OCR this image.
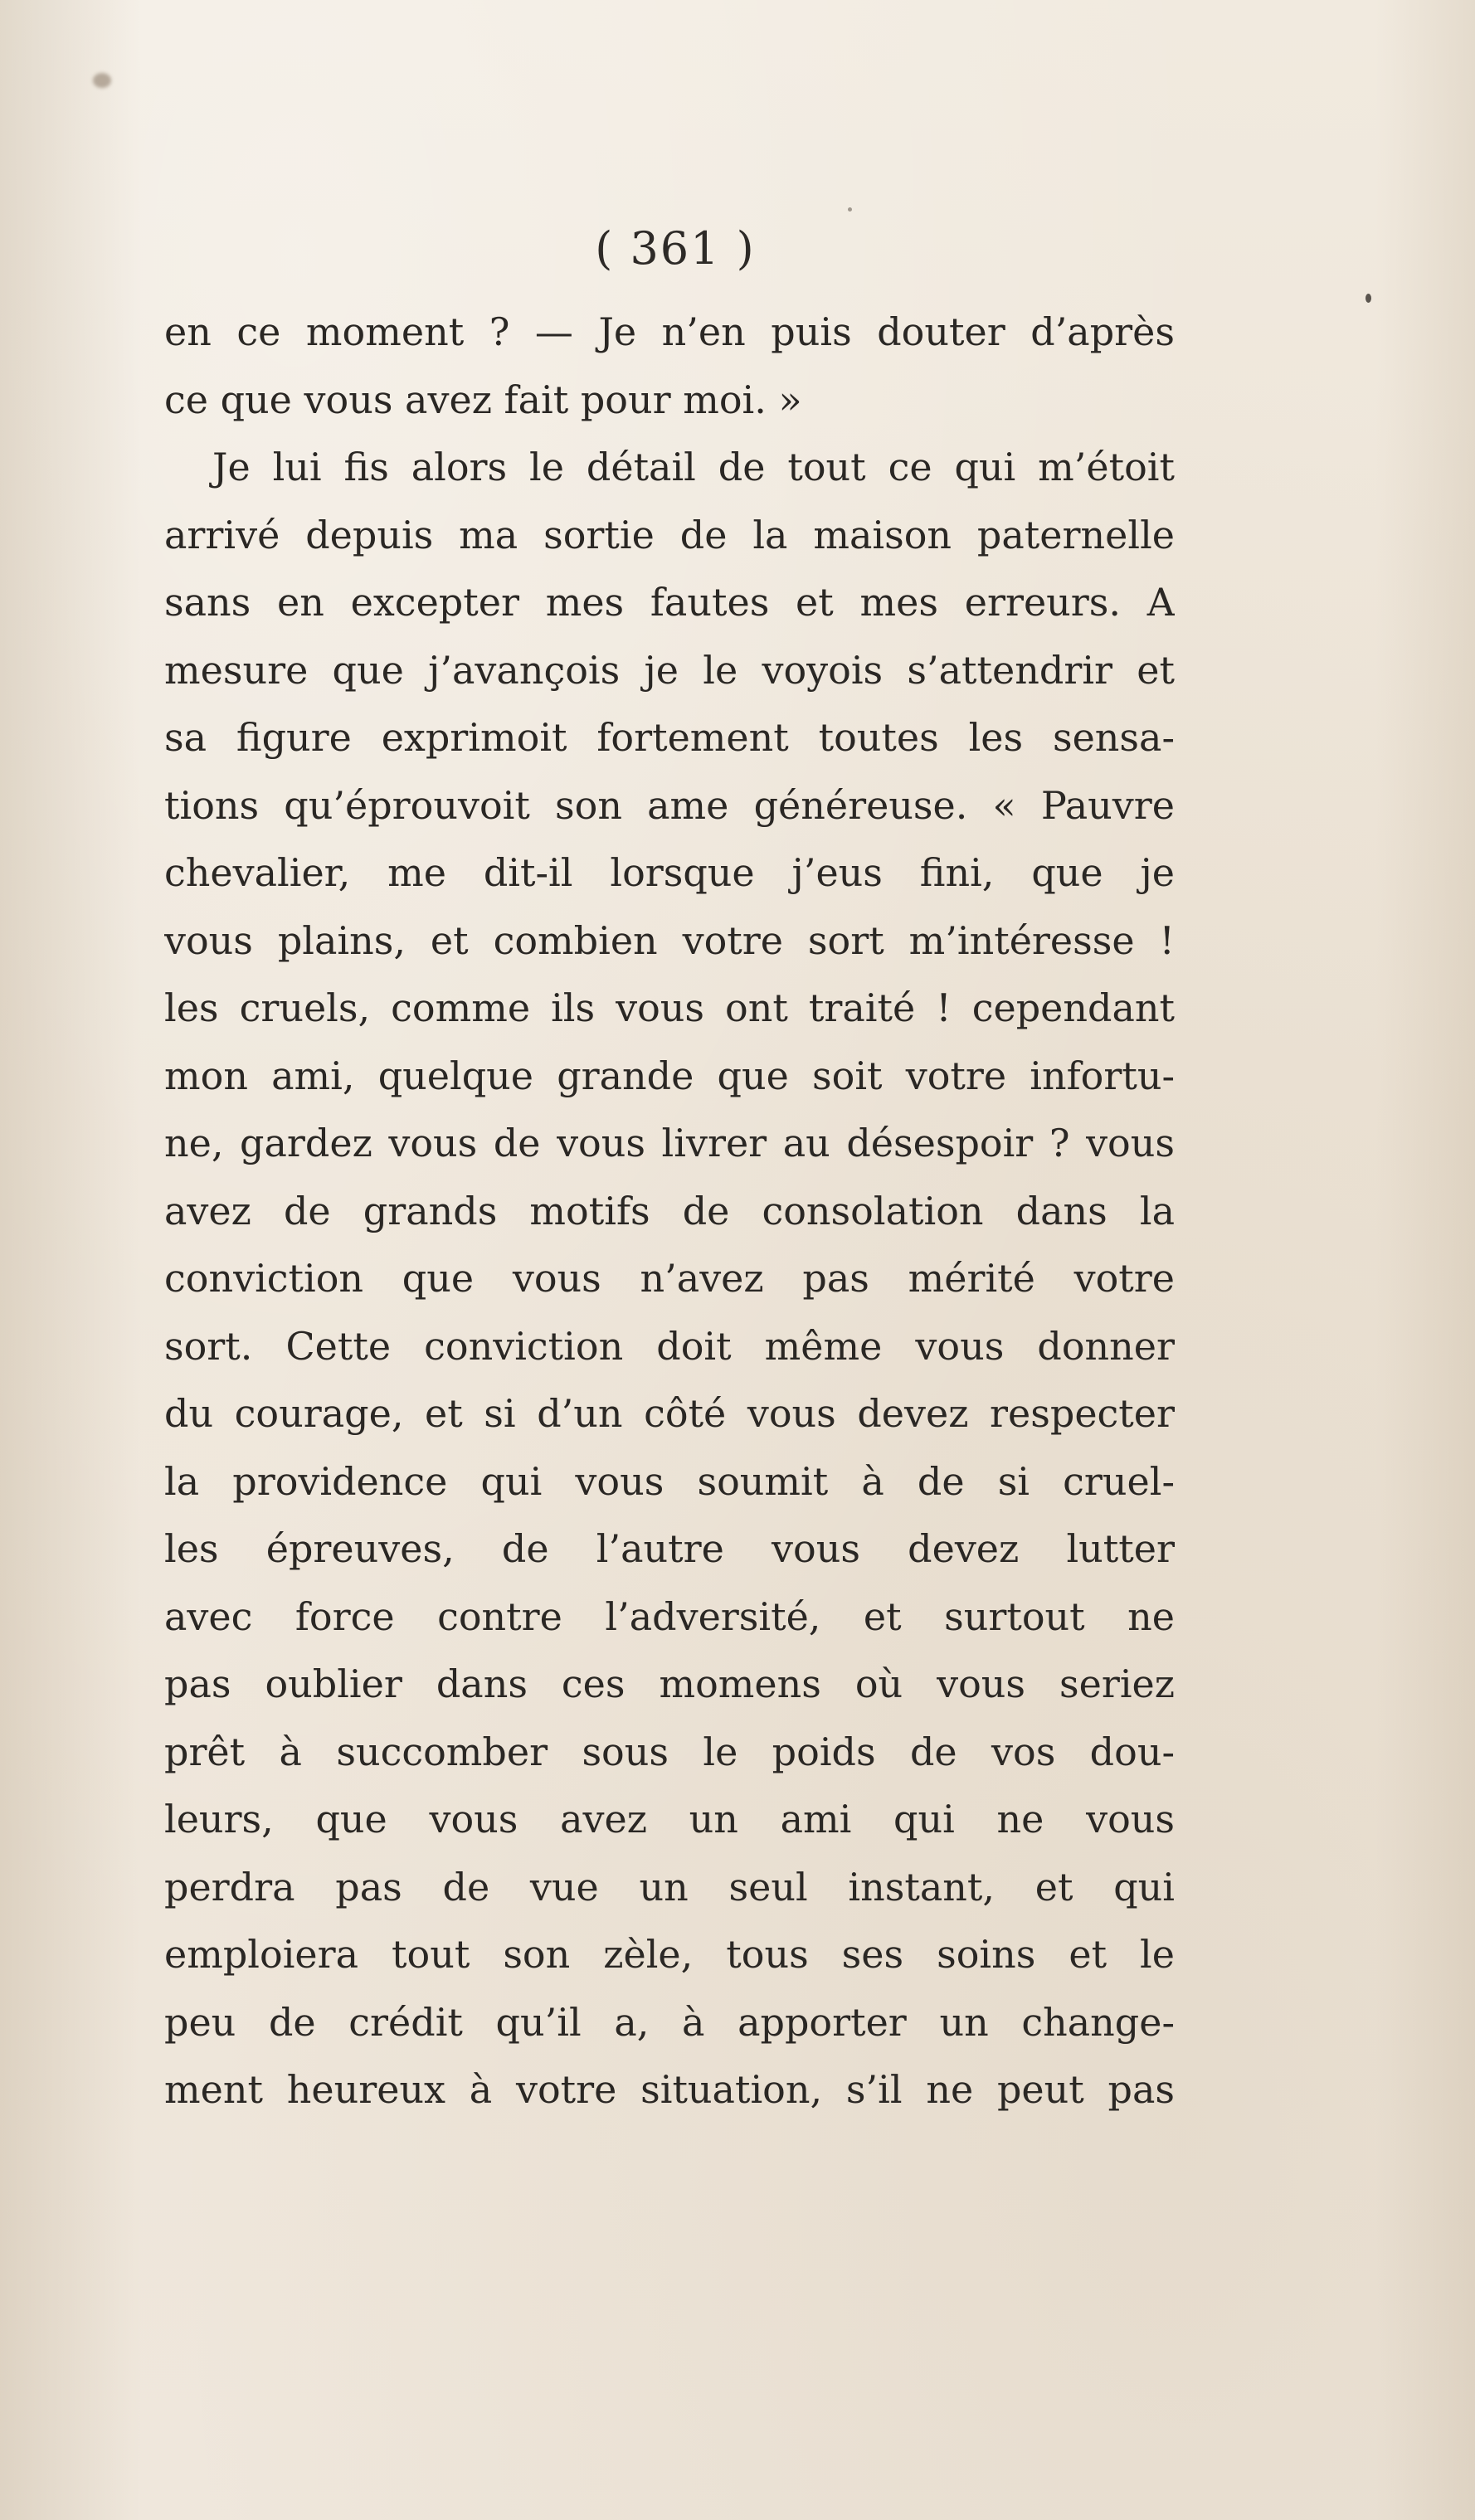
( 361 )
en ce moment ? — Je n’en puis douter d’après
ce que vous avez fait pour moi. »
Je lui fis alors le détail de tout ce qui m’étoit
arrivé depuis ma sortie de la maison paternelle
sans en excepter mes fautes et mes erreurs. A
mesure que j’avançois je le voyois s’attendrir et
sa figure exprimoit fortement toutes les sensa-
tions qu’éprouvoit son ame généreuse. « Pauvre
chevalier, me dit-il lorsque j’eus fini, que je
vous plains, et combien votre sort m’intéresse !
les cruels, comme ils vous ont traité ! cependant
mon ami, quelque grande que soit votre infortu-
ne, gardez vous de vous livrer au désespoir ? vous
avez de grands motifs de consolation dans la
conviction que vous n’avez pas mérité votre
sort. Cette conviction doit même vous donner
du courage, et si d’un côté vous devez respecter
la providence qui vous soumit à de si cruel-
les épreuves, de l’autre vous devez lutter
avec force contre l’adversité, et surtout ne
pas oublier dans ces momens où vous seriez
prêt à succomber sous le poids de vos dou-
leurs, que vous avez un ami qui ne vous
perdra pas de vue un seul instant, et qui
emploiera tout son zèle, tous ses soins et le
peu de crédit qu’il a, à apporter un change-
ment heureux à votre situation, s’il ne peut pas
